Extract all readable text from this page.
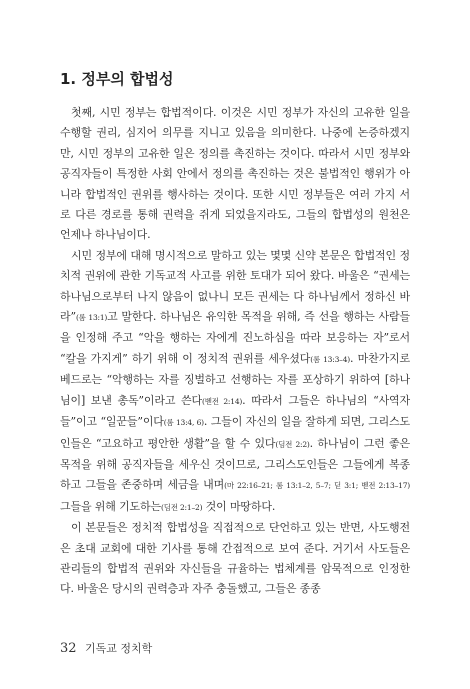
1. 정부의 합법성

첫째, 시민 정부는 합법적이다. 이것은 시민 정부가 자신의 고유한 일을 수행할 권리, 심지어 의무를 지니고 있음을 의미한다. 나중에 논증하겠지만, 시민 정부의 고유한 일은 정의를 촉진하는 것이다. 따라서 시민 정부와 공직자들이 특정한 사회 안에서 정의를 촉진하는 것은 불법적인 행위가 아니라 합법적인 권위를 행사하는 것이다. 또한 시민 정부들은 여러 가지 서로 다른 경로를 통해 권력을 쥐게 되었을지라도, 그들의 합법성의 원천은 언제나 하나님이다.

시민 정부에 대해 명시적으로 말하고 있는 몇몇 신약 본문은 합법적인 정치적 권위에 관한 기독교적 사고를 위한 토대가 되어 왔다. 바울은 “권세는 하나님으로부터 나지 않음이 없나니 모든 권세는 다 하나님께서 정하신 바라”(롬 13:1)고 말한다. 하나님은 유익한 목적을 위해, 즉 선을 행하는 사람들을 인정해 주고 “악을 행하는 자에게 진노하심을 따라 보응하는 자”로서 “칼을 가지게” 하기 위해 이 정치적 권위를 세우셨다(롬 13:3–4). 마찬가지로 베드로는 “악행하는 자를 징벌하고 선행하는 자를 포상하기 위하여 [하나님이] 보낸 총독”이라고 쓴다(벧전 2:14). 따라서 그들은 하나님의 “사역자들”이고 “일꾼들”이다(롬 13:4, 6). 그들이 자신의 일을 잘하게 되면, 그리스도인들은 “고요하고 평안한 생활”을 할 수 있다(딤전 2:2). 하나님이 그런 좋은 목적을 위해 공직자들을 세우신 것이므로, 그리스도인들은 그들에게 복종하고 그들을 존중하며 세금을 내며(마 22:16–21; 롬 13:1–2, 5–7; 딛 3:1; 벧전 2:13–17) 그들을 위해 기도하는(딤전 2:1–2) 것이 마땅하다.

이 본문들은 정치적 합법성을 직접적으로 단언하고 있는 반면, 사도행전은 초대 교회에 대한 기사를 통해 간접적으로 보여 준다. 거기서 사도들은 관리들의 합법적 권위와 자신들을 규율하는 법체계를 암묵적으로 인정한다. 바울은 당시의 권력층과 자주 충돌했고, 그들은 종종

32 기독교 정치학
